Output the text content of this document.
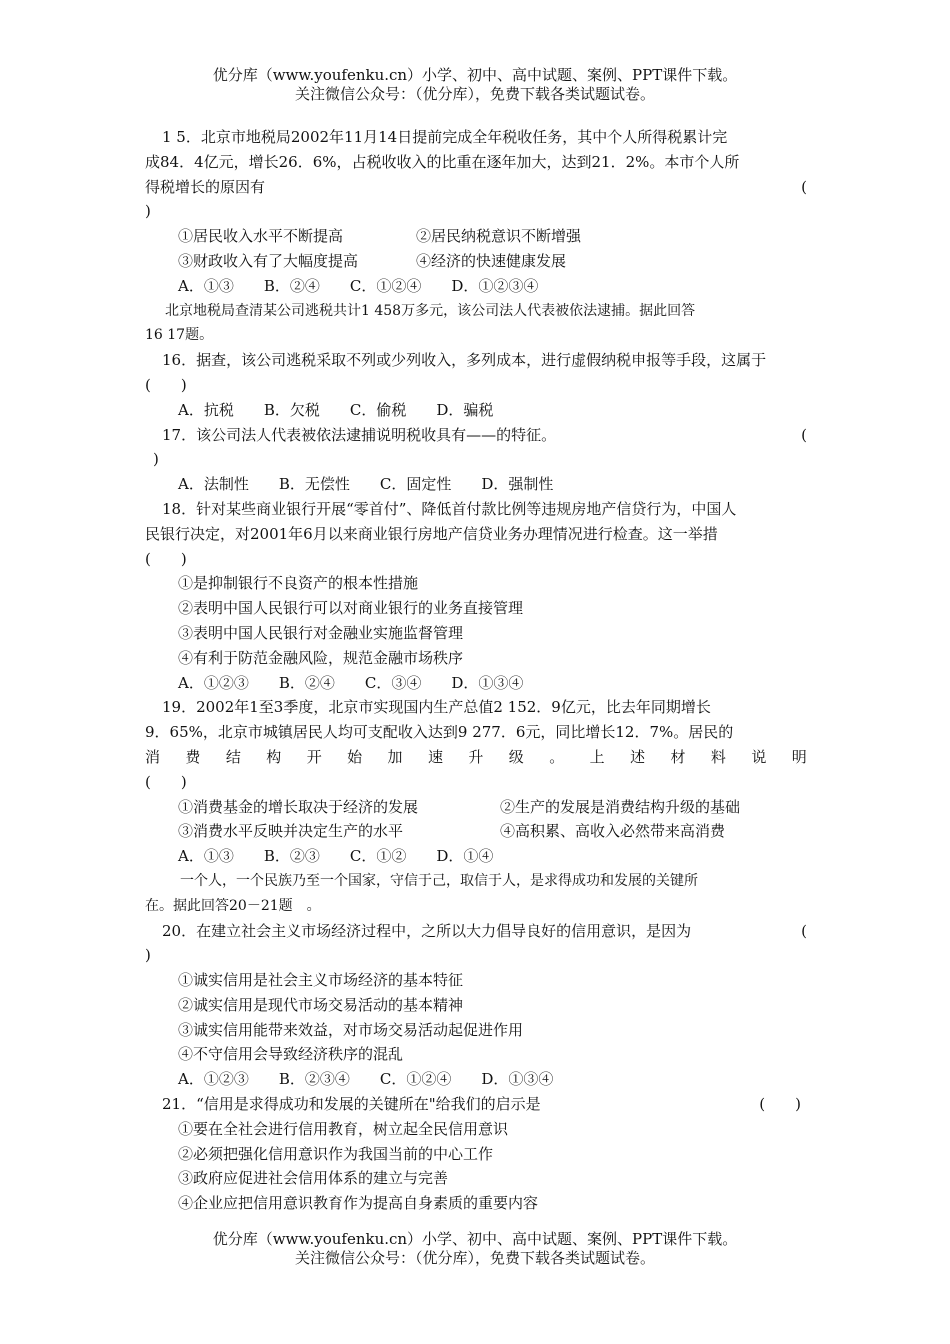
优分库（www.youfenku.cn）小学、初中、高中试题、案例、PPT课件下载。
关注微信公众号：（优分库），免费下载各类试题试卷。

1 5．北京市地税局2002年11月14日提前完成全年税收任务，其中个人所得税累计完

成84．4亿元，增长26．6%，占税收收入的比重在逐年加大，达到21．2%。本市个人所

得税增长的原因有	(

)

①居民收入水平不断提高	②居民纳税意识不断增强

③财政收入有了大幅度提高	④经济的快速健康发展

A．①③　　B．②④　　C．①②④　　D．①②③④

北京地税局查清某公司逃税共计1 458万多元，该公司法人代表被依法逮捕。据此回答

16 17题。

16．据查，该公司逃税采取不列或少列收入，多列成本，进行虚假纳税申报等手段，这属于

(　　)

A．抗税　　B．欠税　　C．偷税　　D．骗税

17．该公司法人代表被依法逮捕说明税收具有——的特征。	(

)

A．法制性　　B．无偿性　　C．固定性　　D．强制性

18．针对某些商业银行开展“零首付”、降低首付款比例等违规房地产信贷行为，中国人

民银行决定，对2001年6月以来商业银行房地产信贷业务办理情况进行检查。这一举措

(　　)

①是抑制银行不良资产的根本性措施

②表明中国人民银行可以对商业银行的业务直接管理

③表明中国人民银行对金融业实施监督管理

④有利于防范金融风险，规范金融市场秩序

A．①②③　　B．②④　　C．③④　　D．①③④

19．2002年1至3季度，北京市实现国内生产总值2 152．9亿元，比去年同期增长

9．65%，北京市城镇居民人均可支配收入达到9 277．6元，同比增长12．7%。居民的

消 费 结 构 开 始 加 速 升 级 。 上 述 材 料 说 明

(　　)

①消费基金的增长取决于经济的发展	②生产的发展是消费结构升级的基础

③消费水平反映并决定生产的水平	④高积累、高收入必然带来高消费

A．①③　　B．②③　　C．①②　　D．①④

一个人，一个民族乃至一个国家，守信于己，取信于人，是求得成功和发展的关键所

在。据此回答20－21题　。

20．在建立社会主义市场经济过程中，之所以大力倡导良好的信用意识，是因为	(

)

①诚实信用是社会主义市场经济的基本特征

②诚实信用是现代市场交易活动的基本精神

③诚实信用能带来效益，对市场交易活动起促进作用

④不守信用会导致经济秩序的混乱

A．①②③　　B．②③④　　C．①②④　　D．①③④

21．“信用是求得成功和发展的关键所在"给我们的启示是	(　　)

①要在全社会进行信用教育，树立起全民信用意识

②必须把强化信用意识作为我国当前的中心工作

③政府应促进社会信用体系的建立与完善

④企业应把信用意识教育作为提高自身素质的重要内容

优分库（www.youfenku.cn）小学、初中、高中试题、案例、PPT课件下载。
关注微信公众号：（优分库），免费下载各类试题试卷。
